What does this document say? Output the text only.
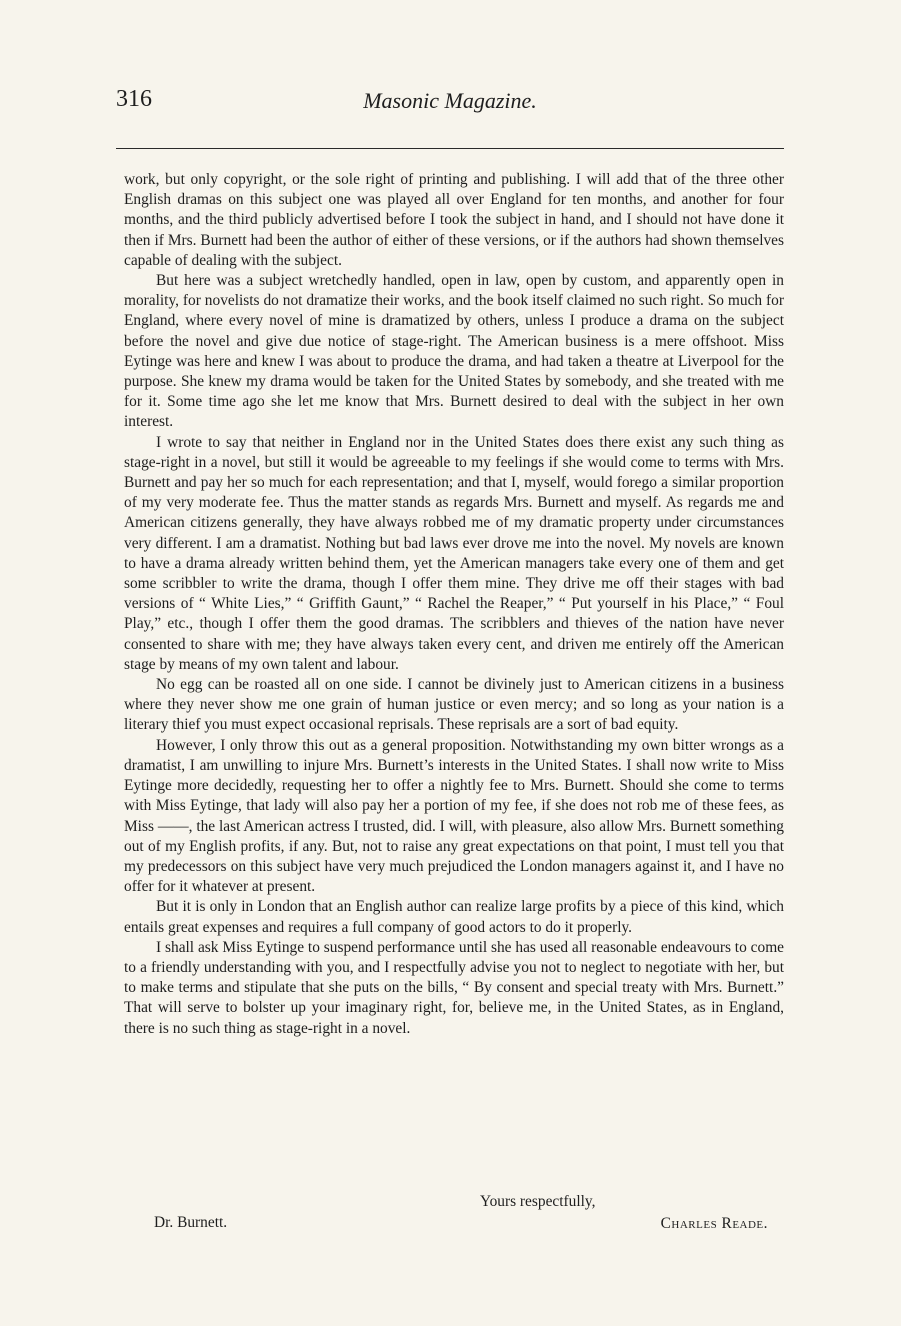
316	Masonic Magazine.

work, but only copyright, or the sole right of printing and publishing. I will add that of the three other English dramas on this subject one was played all over England for ten months, and another for four months, and the third publicly advertised before I took the subject in hand, and I should not have done it then if Mrs. Burnett had been the author of either of these versions, or if the authors had shown themselves capable of dealing with the subject.

But here was a subject wretchedly handled, open in law, open by custom, and apparently open in morality, for novelists do not dramatize their works, and the book itself claimed no such right. So much for England, where every novel of mine is dramatized by others, unless I produce a drama on the subject before the novel and give due notice of stage-right. The American business is a mere offshoot. Miss Eytinge was here and knew I was about to produce the drama, and had taken a theatre at Liverpool for the purpose. She knew my drama would be taken for the United States by somebody, and she treated with me for it. Some time ago she let me know that Mrs. Burnett desired to deal with the subject in her own interest.

I wrote to say that neither in England nor in the United States does there exist any such thing as stage-right in a novel, but still it would be agreeable to my feelings if she would come to terms with Mrs. Burnett and pay her so much for each representation; and that I, myself, would forego a similar proportion of my very moderate fee. Thus the matter stands as regards Mrs. Burnett and myself. As regards me and American citizens generally, they have always robbed me of my dramatic property under circumstances very different. I am a dramatist. Nothing but bad laws ever drove me into the novel. My novels are known to have a drama already written behind them, yet the American managers take every one of them and get some scribbler to write the drama, though I offer them mine. They drive me off their stages with bad versions of “ White Lies,” “ Griffith Gaunt,” “ Rachel the Reaper,” “ Put yourself in his Place,” “ Foul Play,” etc., though I offer them the good dramas. The scribblers and thieves of the nation have never consented to share with me; they have always taken every cent, and driven me entirely off the American stage by means of my own talent and labour.

No egg can be roasted all on one side. I cannot be divinely just to American citizens in a business where they never show me one grain of human justice or even mercy; and so long as your nation is a literary thief you must expect occasional reprisals. These reprisals are a sort of bad equity.

However, I only throw this out as a general proposition. Notwithstanding my own bitter wrongs as a dramatist, I am unwilling to injure Mrs. Burnett’s interests in the United States. I shall now write to Miss Eytinge more decidedly, requesting her to offer a nightly fee to Mrs. Burnett. Should she come to terms with Miss Eytinge, that lady will also pay her a portion of my fee, if she does not rob me of these fees, as Miss ——, the last American actress I trusted, did. I will, with pleasure, also allow Mrs. Burnett something out of my English profits, if any. But, not to raise any great expectations on that point, I must tell you that my predecessors on this subject have very much prejudiced the London managers against it, and I have no offer for it whatever at present.

But it is only in London that an English author can realize large profits by a piece of this kind, which entails great expenses and requires a full company of good actors to do it properly.

I shall ask Miss Eytinge to suspend performance until she has used all reasonable endeavours to come to a friendly understanding with you, and I respectfully advise you not to neglect to negotiate with her, but to make terms and stipulate that she puts on the bills, “ By consent and special treaty with Mrs. Burnett.” That will serve to bolster up your imaginary right, for, believe me, in the United States, as in England, there is no such thing as stage-right in a novel.

Yours respectfully,
Dr. Burnett.	Charles Reade.
